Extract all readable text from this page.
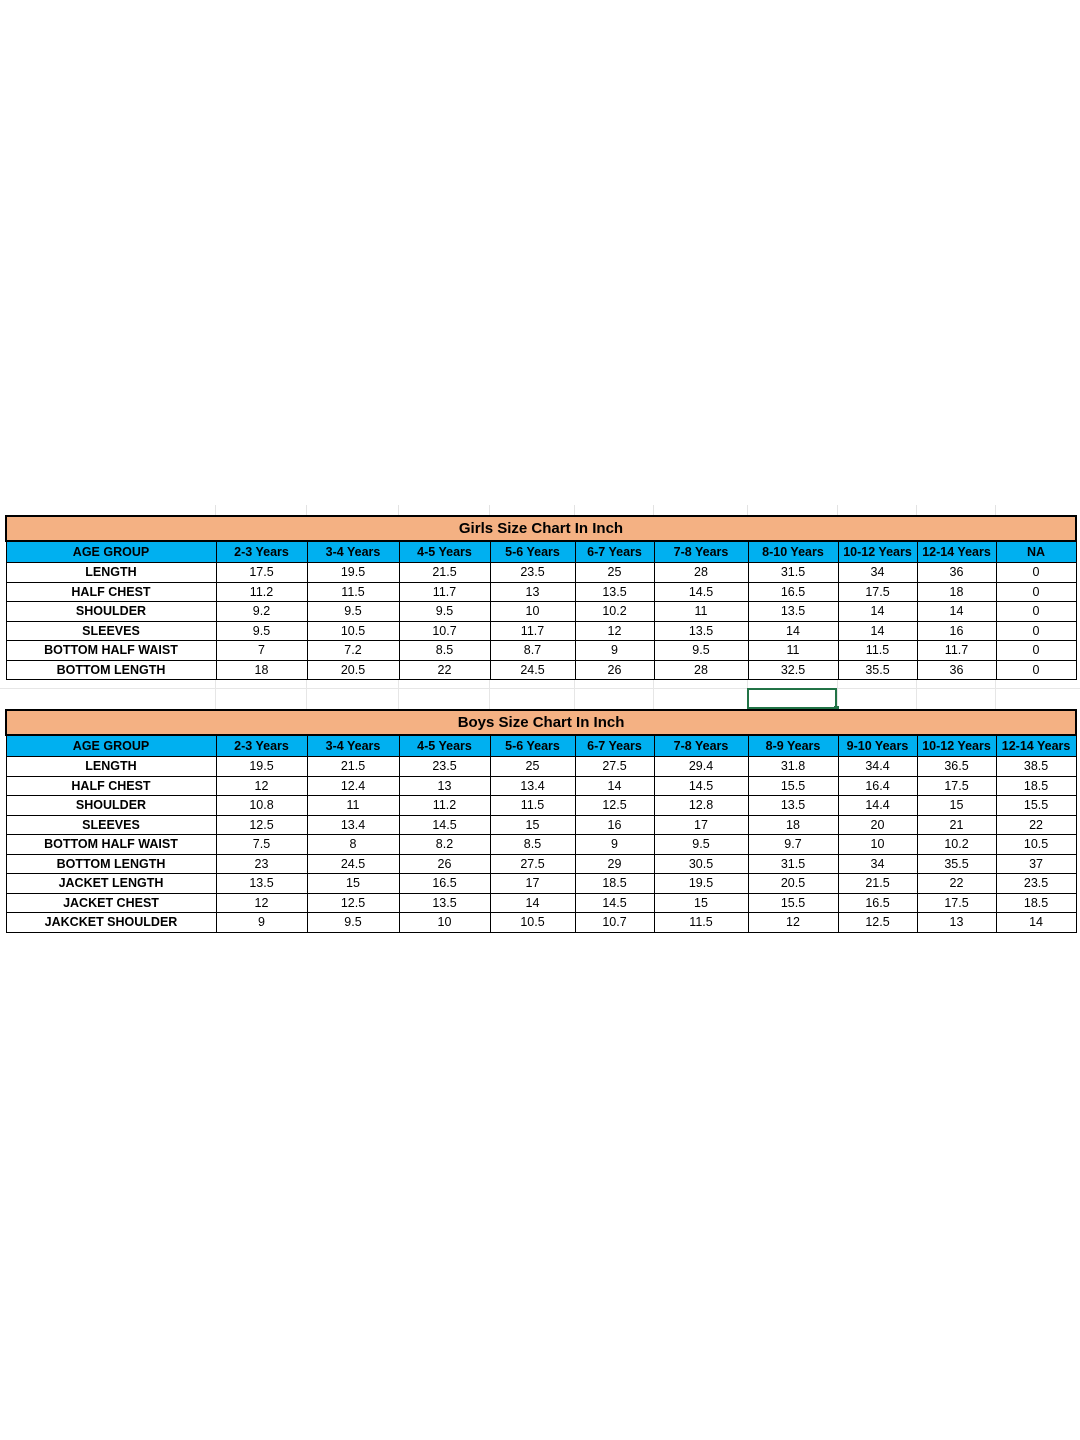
Girls Size Chart In Inch										
AGE GROUP	2-3 Years	3-4 Years	4-5 Years	5-6 Years	6-7 Years	7-8 Years	8-10 Years	10-12 Years	12-14 Years	NA
LENGTH	17.5	19.5	21.5	23.5	25	28	31.5	34	36	0
HALF CHEST	11.2	11.5	11.7	13	13.5	14.5	16.5	17.5	18	0
SHOULDER	9.2	9.5	9.5	10	10.2	11	13.5	14	14	0
SLEEVES	9.5	10.5	10.7	11.7	12	13.5	14	14	16	0
BOTTOM HALF WAIST	7	7.2	8.5	8.7	9	9.5	11	11.5	11.7	0
BOTTOM LENGTH	18	20.5	22	24.5	26	28	32.5	35.5	36	0
Boys Size Chart In Inch										
AGE GROUP	2-3 Years	3-4 Years	4-5 Years	5-6 Years	6-7 Years	7-8 Years	8-9 Years	9-10 Years	10-12 Years	12-14 Years
LENGTH	19.5	21.5	23.5	25	27.5	29.4	31.8	34.4	36.5	38.5
HALF CHEST	12	12.4	13	13.4	14	14.5	15.5	16.4	17.5	18.5
SHOULDER	10.8	11	11.2	11.5	12.5	12.8	13.5	14.4	15	15.5
SLEEVES	12.5	13.4	14.5	15	16	17	18	20	21	22
BOTTOM HALF WAIST	7.5	8	8.2	8.5	9	9.5	9.7	10	10.2	10.5
BOTTOM LENGTH	23	24.5	26	27.5	29	30.5	31.5	34	35.5	37
JACKET LENGTH	13.5	15	16.5	17	18.5	19.5	20.5	21.5	22	23.5
JACKET CHEST	12	12.5	13.5	14	14.5	15	15.5	16.5	17.5	18.5
JAKCKET SHOULDER	9	9.5	10	10.5	10.7	11.5	12	12.5	13	14
